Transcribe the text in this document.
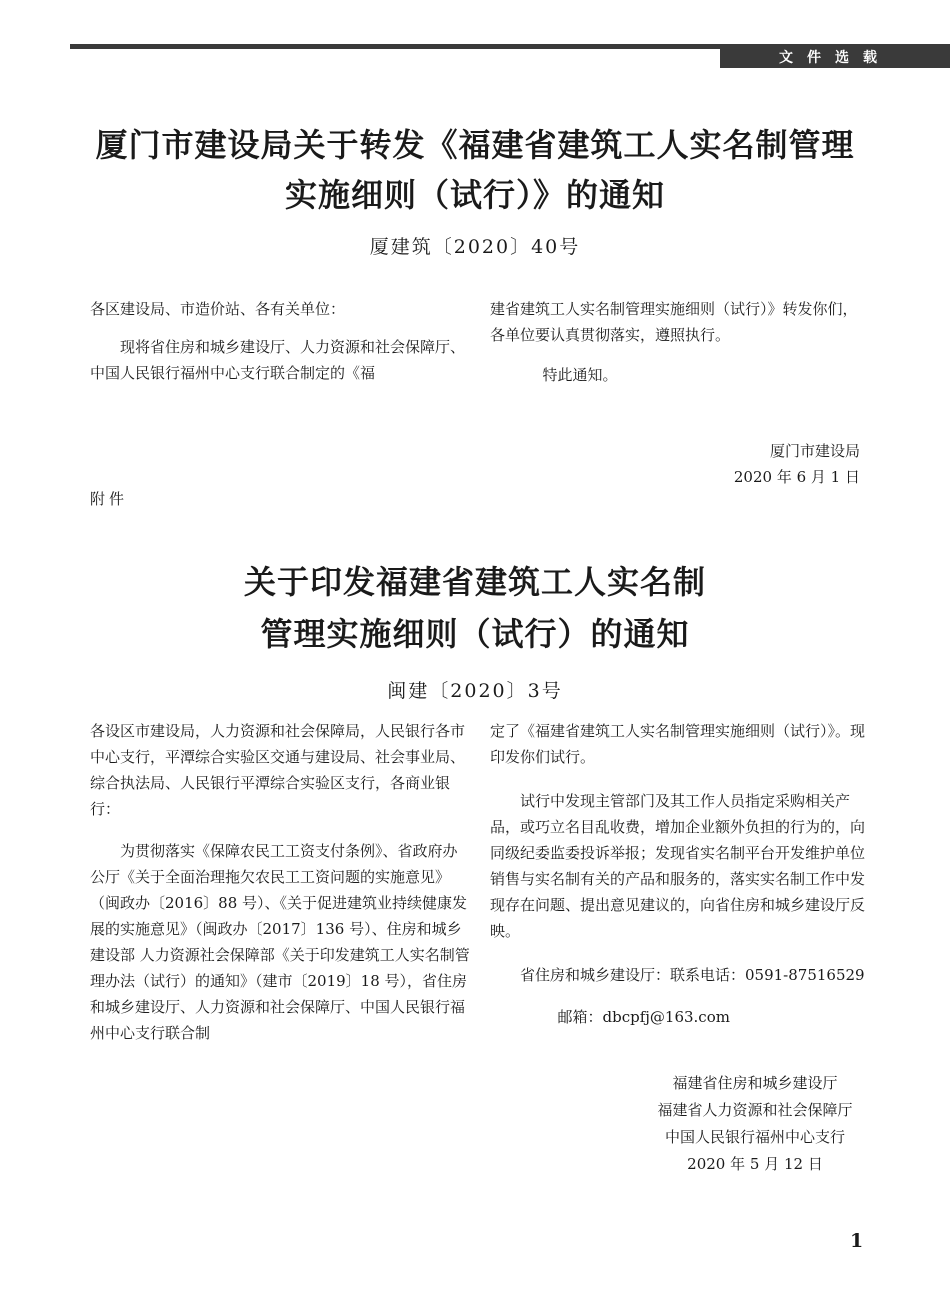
文件选载
厦门市建设局关于转发《福建省建筑工人实名制管理
实施细则（试行）》的通知
厦建筑〔2020〕40号

各区建设局、市造价站、各有关单位：

现将省住房和城乡建设厅、人力资源和社会保障厅、中国人民银行福州中心支行联合制定的《福

建省建筑工人实名制管理实施细则（试行）》转发你们，各单位要认真贯彻落实，遵照执行。

特此通知。

厦门市建设局
2020 年 6 月 1 日
附件
关于印发福建省建筑工人实名制
管理实施细则（试行）的通知
闽建〔2020〕3号

各设区市建设局，人力资源和社会保障局，人民银行各市中心支行，平潭综合实验区交通与建设局、社会事业局、综合执法局、人民银行平潭综合实验区支行，各商业银行：

为贯彻落实《保障农民工工资支付条例》、省政府办公厅《关于全面治理拖欠农民工工资问题的实施意见》（闽政办〔2016〕88 号）、《关于促进建筑业持续健康发展的实施意见》（闽政办〔2017〕136 号）、住房和城乡建设部 人力资源社会保障部《关于印发建筑工人实名制管理办法（试行）的通知》（建市〔2019〕18 号），省住房和城乡建设厅、人力资源和社会保障厅、中国人民银行福州中心支行联合制

定了《福建省建筑工人实名制管理实施细则（试行）》。现印发你们试行。

试行中发现主管部门及其工作人员指定采购相关产品，或巧立名目乱收费，增加企业额外负担的行为的，向同级纪委监委投诉举报；发现省实名制平台开发维护单位销售与实名制有关的产品和服务的，落实实名制工作中发现存在问题、提出意见建议的，向省住房和城乡建设厅反映。

省住房和城乡建设厅：联系电话：0591-87516529

邮箱：dbcpfj@163.com

福建省住房和城乡建设厅
福建省人力资源和社会保障厅
中国人民银行福州中心支行
2020 年 5 月 12 日
1
